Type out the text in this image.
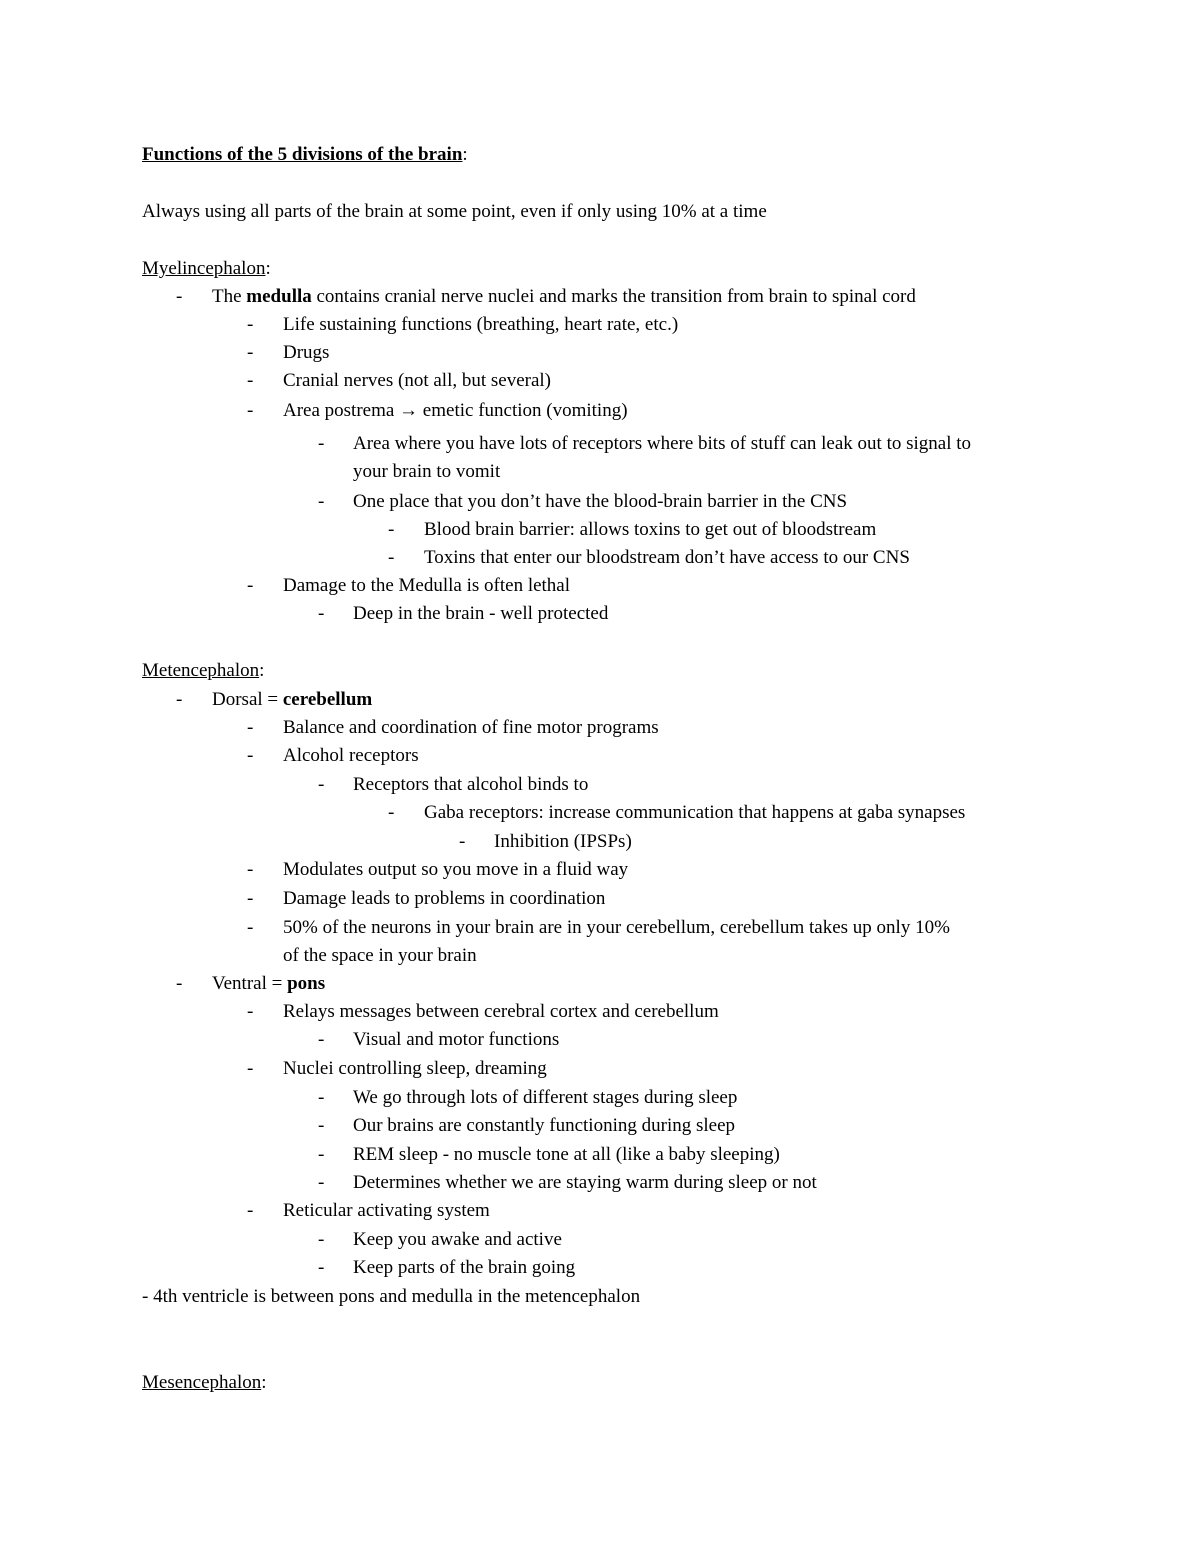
Functions of the 5 divisions of the brain:
Always using all parts of the brain at some point, even if only using 10% at a time
Myelincephalon:
- The medulla contains cranial nerve nuclei and marks the transition from brain to spinal cord
- Life sustaining functions (breathing, heart rate, etc.)
- Drugs
- Cranial nerves (not all, but several)
- Area postrema → emetic function (vomiting)
- Area where you have lots of receptors where bits of stuff can leak out to signal to
your brain to vomit
- One place that you don’t have the blood-brain barrier in the CNS
- Blood brain barrier: allows toxins to get out of bloodstream
- Toxins that enter our bloodstream don’t have access to our CNS
- Damage to the Medulla is often lethal
- Deep in the brain - well protected
Metencephalon:
- Dorsal = cerebellum
- Balance and coordination of fine motor programs
- Alcohol receptors
- Receptors that alcohol binds to
- Gaba receptors: increase communication that happens at gaba synapses
- Inhibition (IPSPs)
- Modulates output so you move in a fluid way
- Damage leads to problems in coordination
- 50% of the neurons in your brain are in your cerebellum, cerebellum takes up only 10%
of the space in your brain
- Ventral = pons
- Relays messages between cerebral cortex and cerebellum
- Visual and motor functions
- Nuclei controlling sleep, dreaming
- We go through lots of different stages during sleep
- Our brains are constantly functioning during sleep
- REM sleep - no muscle tone at all (like a baby sleeping)
- Determines whether we are staying warm during sleep or not
- Reticular activating system
- Keep you awake and active
- Keep parts of the brain going
- 4th ventricle is between pons and medulla in the metencephalon
Mesencephalon:
